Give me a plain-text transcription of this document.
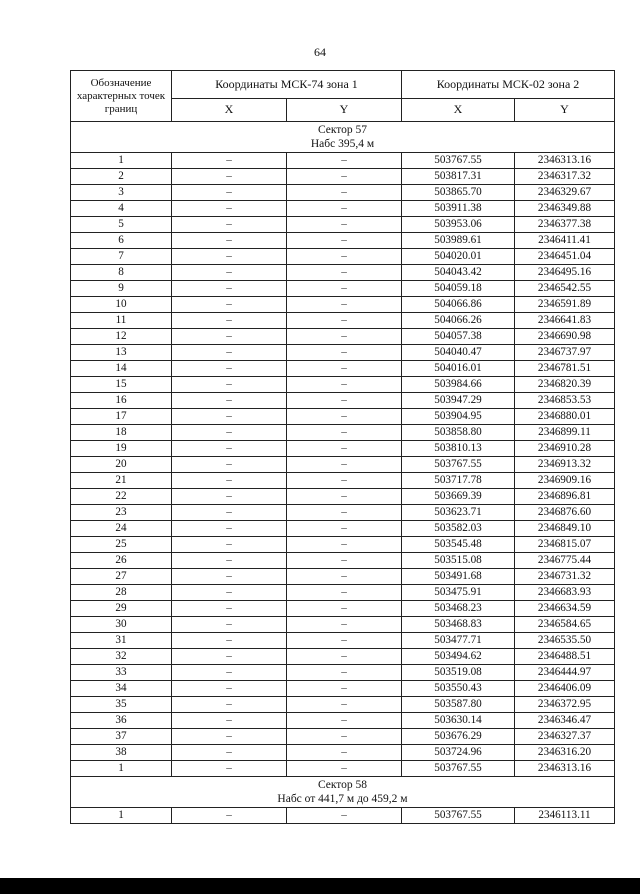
64
Обозначение характерных точек границ	Координаты МСК-74 зона 1		Координаты МСК-02 зона 2	
	X	Y	X	Y

Сектор 57
Набс 395,4 м				

1	–	–	503767.55	2346313.16
2	–	–	503817.31	2346317.32
3	–	–	503865.70	2346329.67
4	–	–	503911.38	2346349.88
5	–	–	503953.06	2346377.38
6	–	–	503989.61	2346411.41
7	–	–	504020.01	2346451.04
8	–	–	504043.42	2346495.16
9	–	–	504059.18	2346542.55
10	–	–	504066.86	2346591.89
11	–	–	504066.26	2346641.83
12	–	–	504057.38	2346690.98
13	–	–	504040.47	2346737.97
14	–	–	504016.01	2346781.51
15	–	–	503984.66	2346820.39
16	–	–	503947.29	2346853.53
17	–	–	503904.95	2346880.01
18	–	–	503858.80	2346899.11
19	–	–	503810.13	2346910.28
20	–	–	503767.55	2346913.32
21	–	–	503717.78	2346909.16
22	–	–	503669.39	2346896.81
23	–	–	503623.71	2346876.60
24	–	–	503582.03	2346849.10
25	–	–	503545.48	2346815.07
26	–	–	503515.08	2346775.44
27	–	–	503491.68	2346731.32
28	–	–	503475.91	2346683.93
29	–	–	503468.23	2346634.59
30	–	–	503468.83	2346584.65
31	–	–	503477.71	2346535.50
32	–	–	503494.62	2346488.51
33	–	–	503519.08	2346444.97
34	–	–	503550.43	2346406.09
35	–	–	503587.80	2346372.95
36	–	–	503630.14	2346346.47
37	–	–	503676.29	2346327.37
38	–	–	503724.96	2346316.20
1	–	–	503767.55	2346313.16

Сектор 58
Набс от 441,7 м до 459,2 м				

1	–	–	503767.55	2346113.11
